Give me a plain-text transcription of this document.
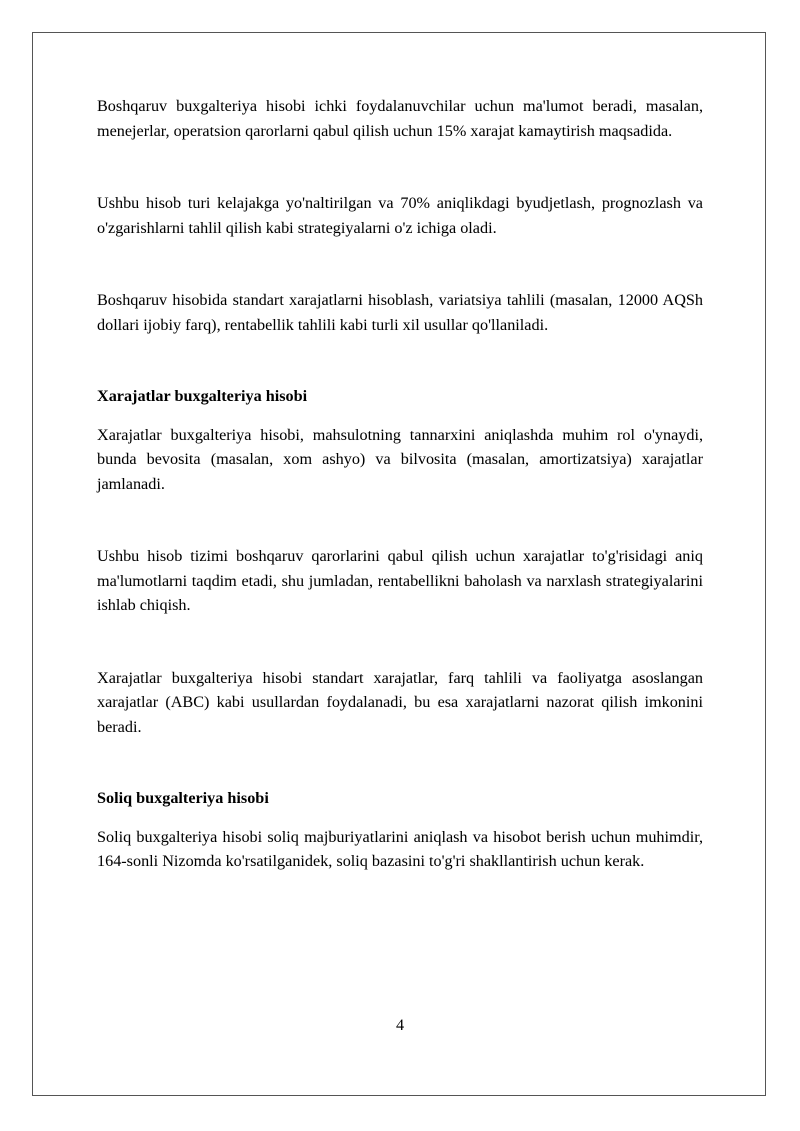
Boshqaruv buxgalteriya hisobi ichki foydalanuvchilar uchun ma'lumot beradi, masalan, menejerlar, operatsion qarorlarni qabul qilish uchun 15% xarajat kamaytirish maqsadida.

Ushbu hisob turi kelajakga yo'naltirilgan va 70% aniqlikdagi byudjetlash, prognozlash va o'zgarishlarni tahlil qilish kabi strategiyalarni o'z ichiga oladi.

Boshqaruv hisobida standart xarajatlarni hisoblash, variatsiya tahlili (masalan, 12000 AQSh dollari ijobiy farq), rentabellik tahlili kabi turli xil usullar qo'llaniladi.

Xarajatlar buxgalteriya hisobi

Xarajatlar buxgalteriya hisobi, mahsulotning tannarxini aniqlashda muhim rol o'ynaydi, bunda bevosita (masalan, xom ashyo) va bilvosita (masalan, amortizatsiya) xarajatlar jamlanadi.

Ushbu hisob tizimi boshqaruv qarorlarini qabul qilish uchun xarajatlar to'g'risidagi aniq ma'lumotlarni taqdim etadi, shu jumladan, rentabellikni baholash va narxlash strategiyalarini ishlab chiqish.

Xarajatlar buxgalteriya hisobi standart xarajatlar, farq tahlili va faoliyatga asoslangan xarajatlar (ABC) kabi usullardan foydalanadi, bu esa xarajatlarni nazorat qilish imkonini beradi.

Soliq buxgalteriya hisobi

Soliq buxgalteriya hisobi soliq majburiyatlarini aniqlash va hisobot berish uchun muhimdir, 164-sonli Nizomda ko'rsatilganidek, soliq bazasini to'g'ri shakllantirish uchun kerak.

4
